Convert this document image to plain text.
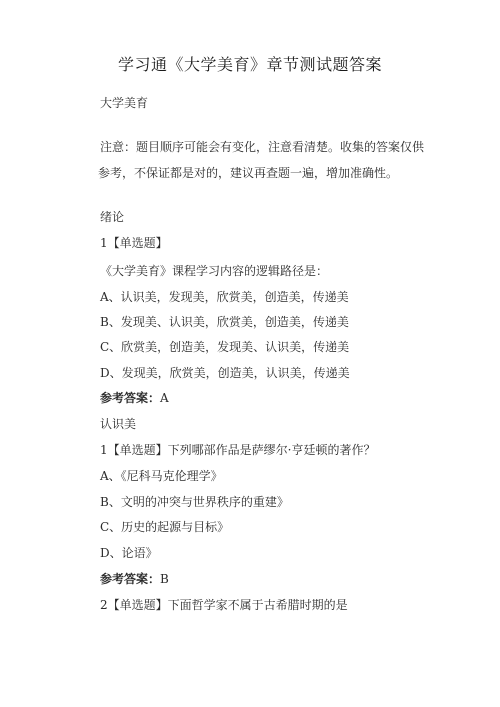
学习通《大学美育》章节测试题答案
大学美育
注意：题目顺序可能会有变化，注意看清楚。收集的答案仅供
参考，不保证都是对的，建议再查题一遍，增加准确性。
绪论
1【单选题】
《大学美育》课程学习内容的逻辑路径是：
A、认识美，发现美，欣赏美，创造美，传递美
B、发现美、认识美，欣赏美，创造美，传递美
C、欣赏美，创造美，发现美、认识美，传递美
D、发现美，欣赏美，创造美，认识美，传递美
参考答案：A
认识美
1【单选题】下列哪部作品是萨缪尔·亨廷顿的著作？
A、《尼科马克伦理学》
B、文明的冲突与世界秩序的重建》
C、历史的起源与目标》
D、论语》
参考答案：B
2【单选题】下面哲学家不属于古希腊时期的是
